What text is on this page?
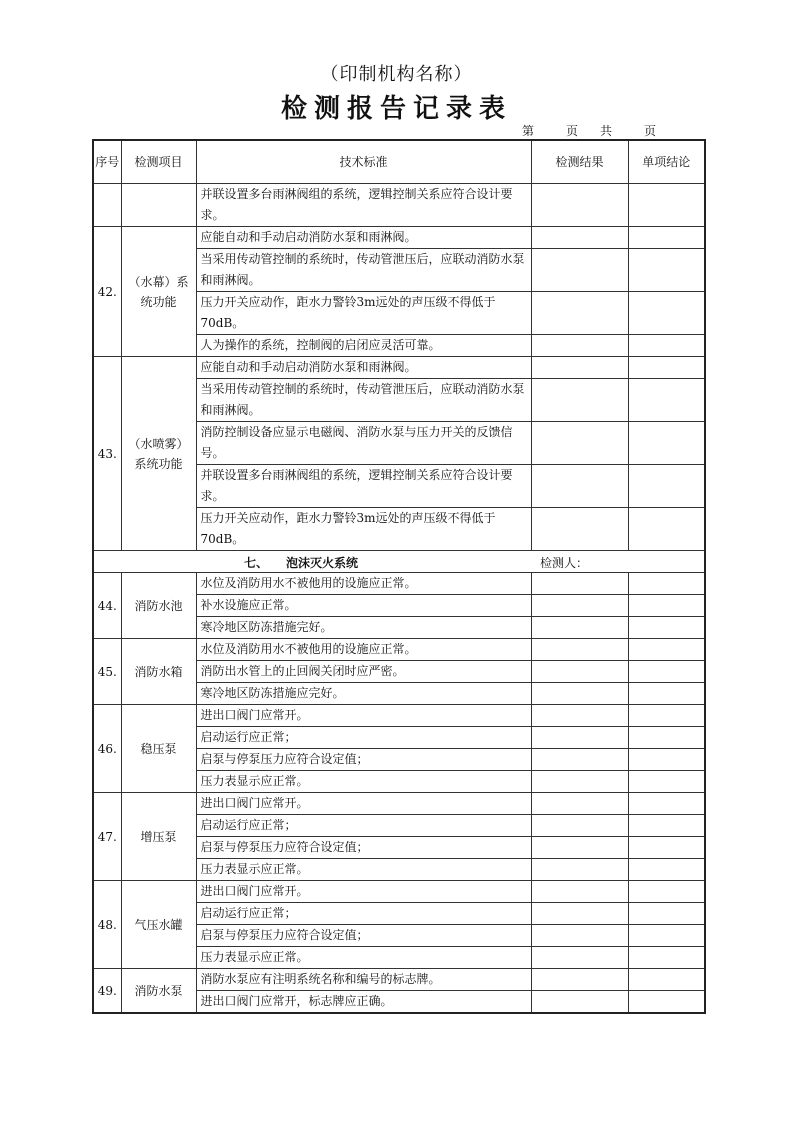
（印制机构名称）
检测报告记录表
第	页 共	页
序号	检测项目	技术标准	检测结果	单项结论
		并联设置多台雨淋阀组的系统，逻辑控制关系应符合设计要求。		
42.	（水幕）系统功能	应能自动和手动启动消防水泵和雨淋阀。		
		当采用传动管控制的系统时，传动管泄压后，应联动消防水泵和雨淋阀。		
		压力开关应动作，距水力警铃3m远处的声压级不得低于70dB。		
		人为操作的系统，控制阀的启闭应灵活可靠。		
43.	（水喷雾）系统功能	应能自动和手动启动消防水泵和雨淋阀。		
		当采用传动管控制的系统时，传动管泄压后，应联动消防水泵和雨淋阀。		
		消防控制设备应显示电磁阀、消防水泵与压力开关的反馈信号。		
		并联设置多台雨淋阀组的系统，逻辑控制关系应符合设计要求。		
		压力开关应动作，距水力警铃3m远处的声压级不得低于70dB。		

七、　　泡沫灭火系统 检测人：				

44.	消防水池	水位及消防用水不被他用的设施应正常。		
		补水设施应正常。		
		寒冷地区防冻措施完好。		
45.	消防水箱	水位及消防用水不被他用的设施应正常。		
		消防出水管上的止回阀关闭时应严密。		
		寒冷地区防冻措施应完好。		
46.	稳压泵	进出口阀门应常开。		
		启动运行应正常；		
		启泵与停泵压力应符合设定值；		
		压力表显示应正常。		
47.	增压泵	进出口阀门应常开。		
		启动运行应正常；		
		启泵与停泵压力应符合设定值；		
		压力表显示应正常。		
48.	气压水罐	进出口阀门应常开。		
		启动运行应正常；		
		启泵与停泵压力应符合设定值；		
		压力表显示应正常。		
49.	消防水泵	消防水泵应有注明系统名称和编号的标志牌。		
		进出口阀门应常开，标志牌应正确。		
